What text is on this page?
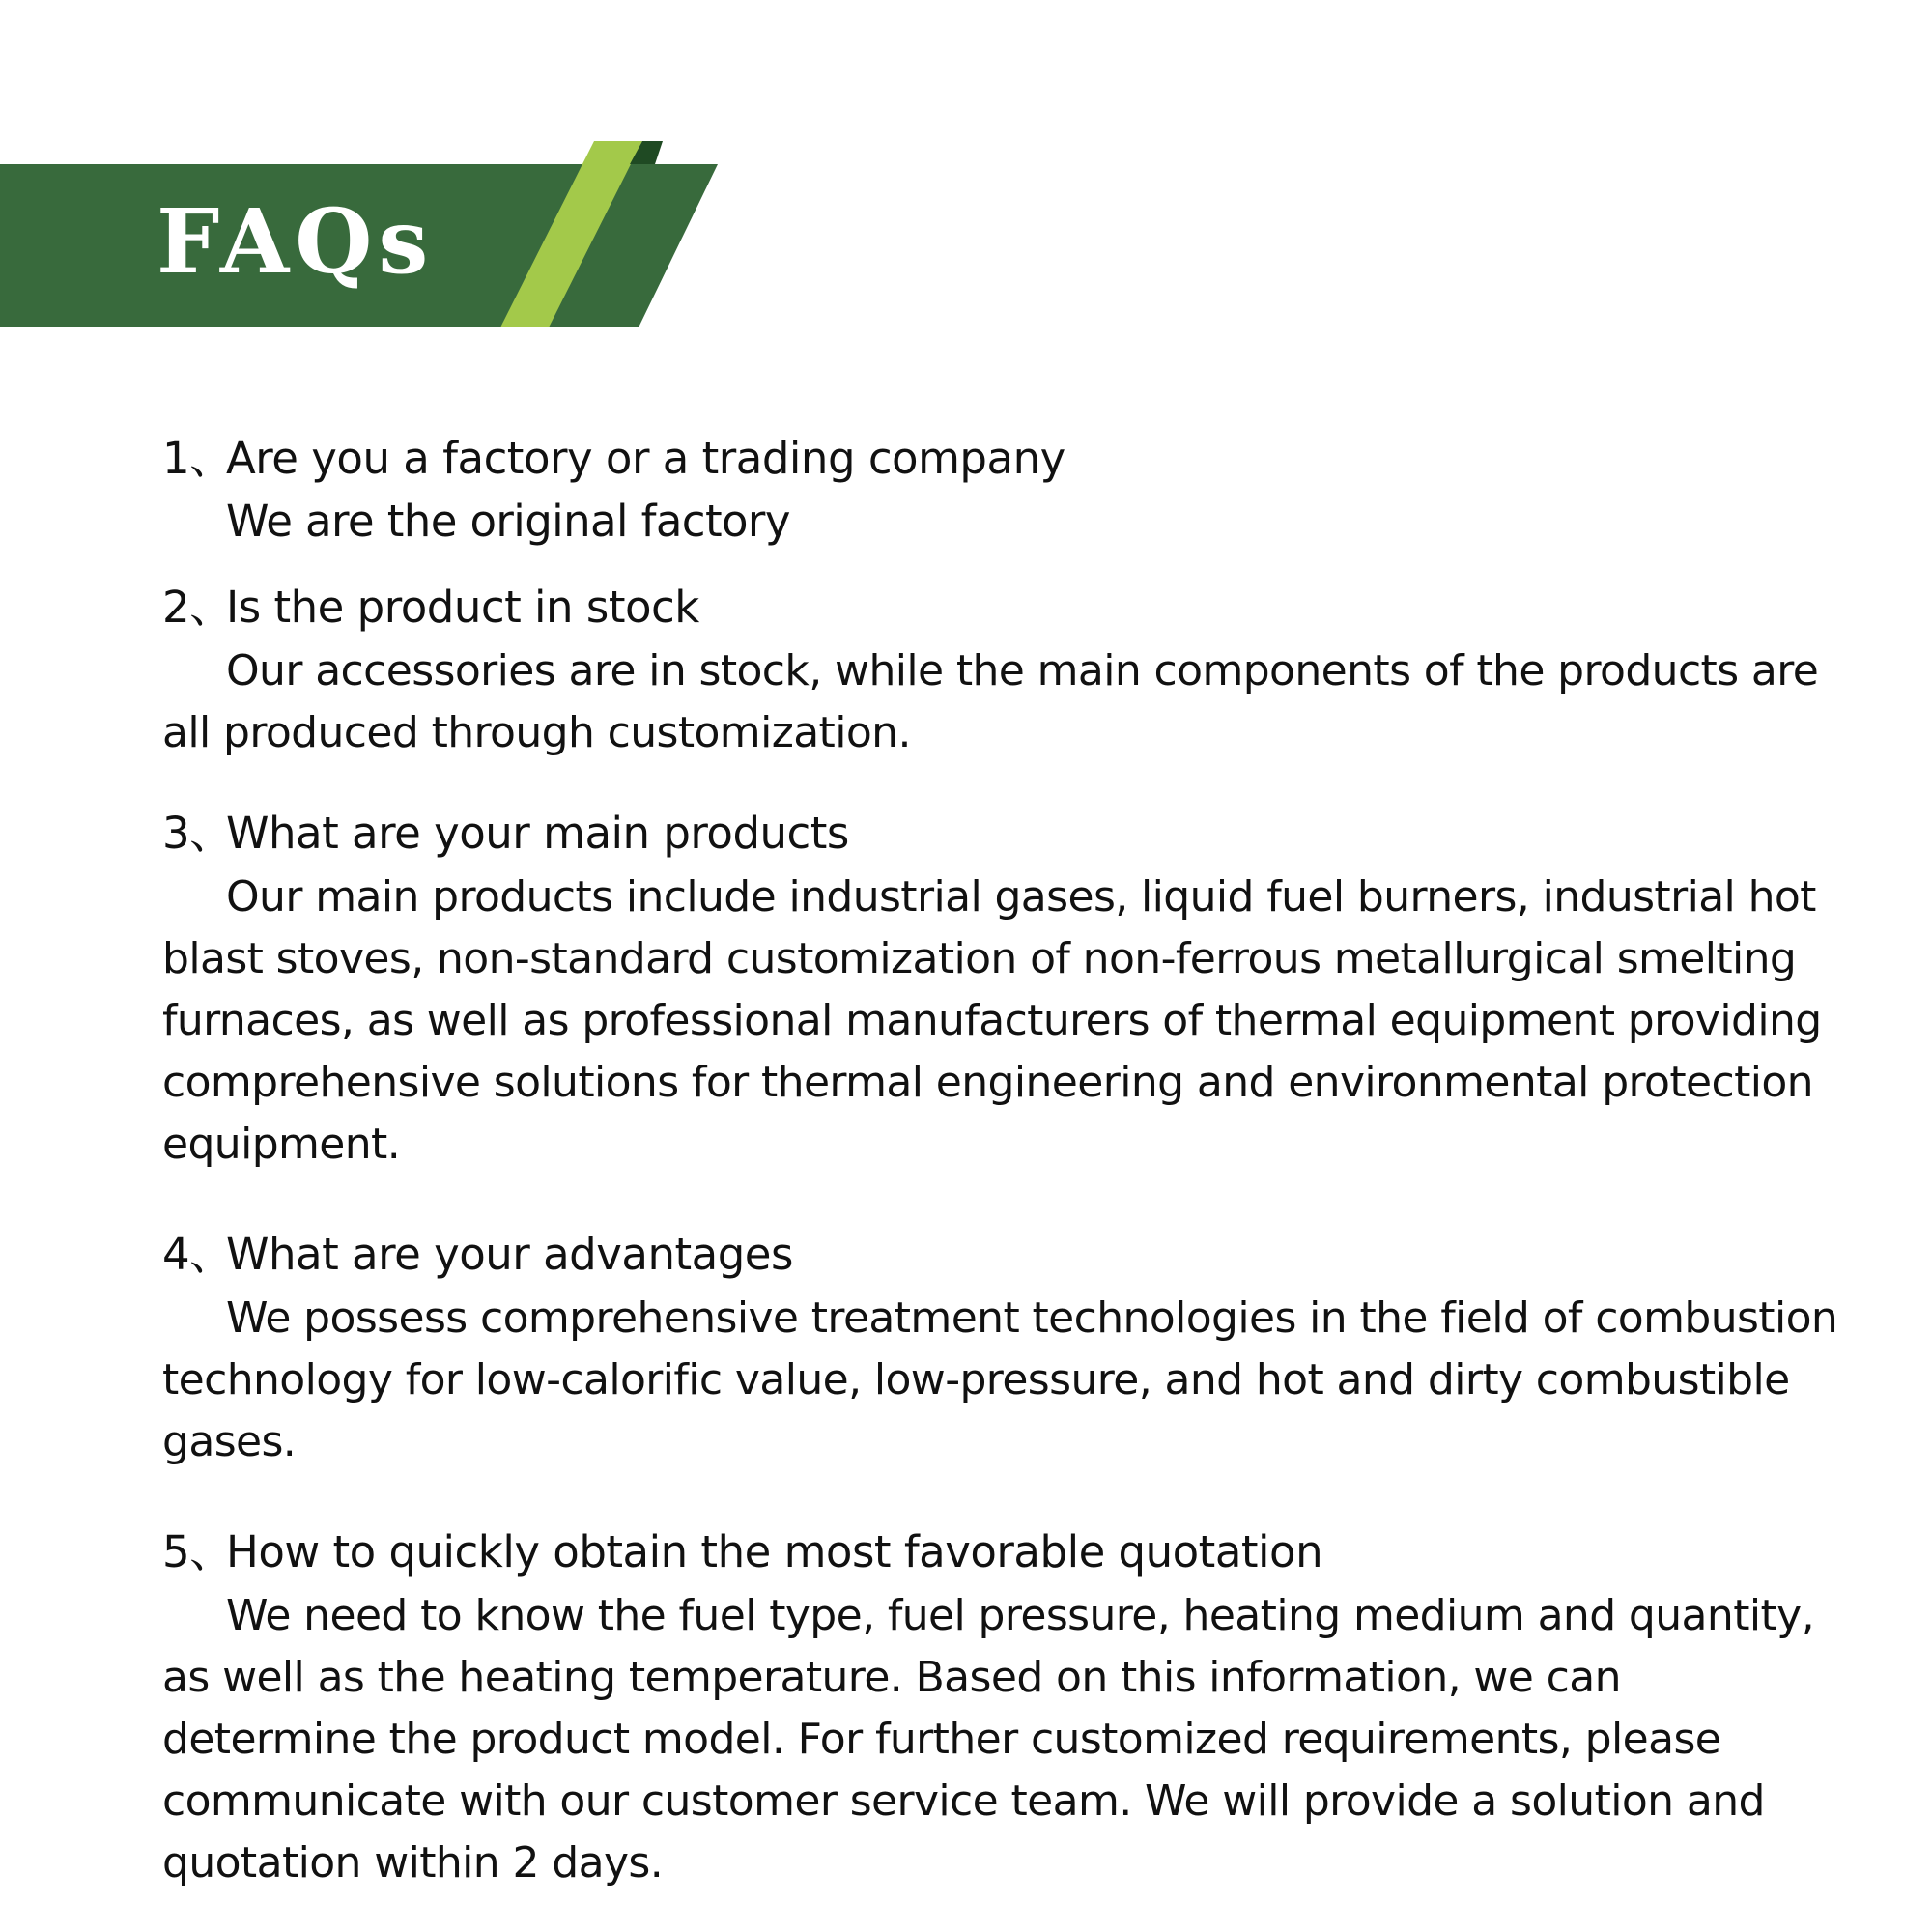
FAQs
1、Are you a factory or a trading company

We are the original factory

2、Is the product in stock

Our accessories are in stock, while the main components of the products are all produced through customization.

3、What are your main products

Our main products include industrial gases, liquid fuel burners, industrial hot blast stoves, non-standard customization of non-ferrous metallurgical smelting furnaces, as well as professional manufacturers of thermal equipment providing comprehensive solutions for thermal engineering and environmental protection equipment.

4、What are your advantages

We possess comprehensive treatment technologies in the field of combustion technology for low-calorific value, low-pressure, and hot and dirty combustible gases.

5、How to quickly obtain the most favorable quotation

We need to know the fuel type, fuel pressure, heating medium and quantity, as well as the heating temperature. Based on this information, we can determine the product model. For further customized requirements, please communicate with our customer service team. We will provide a solution and quotation within 2 days.
